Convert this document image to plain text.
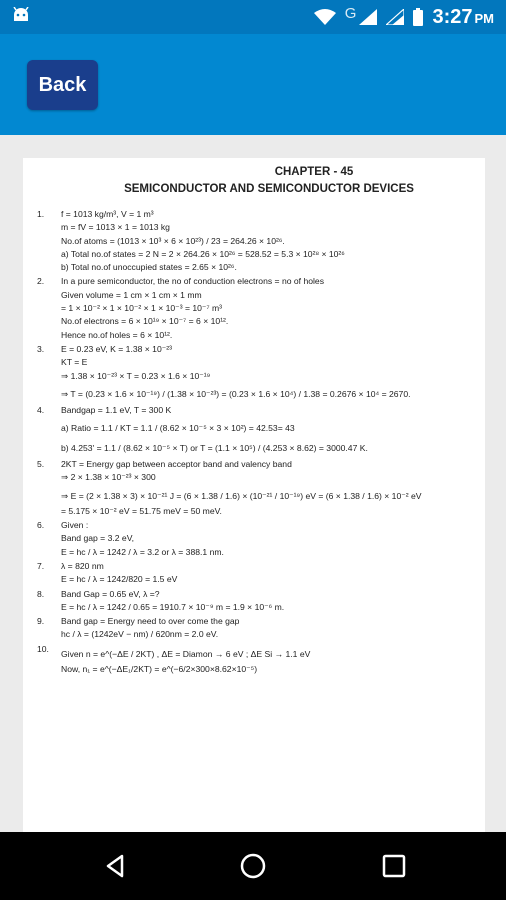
G	3:27 PM
Back
CHAPTER - 45
SEMICONDUCTOR AND SEMICONDUCTOR DEVICES
1.	f = 1013 kg/m³, V = 1 m³
m = fV = 1013 × 1 = 1013 kg
No.of atoms = (1013 × 10³ × 6 × 10²³) / 23 = 264.26 × 10²⁶.
a) Total no.of states = 2 N = 2 × 264.26 × 10²⁶ = 528.52 = 5.3 × 10²⁸ × 10²⁶
b) Total no.of unoccupied states = 2.65 × 10²⁶.
2.	In a pure semiconductor, the no of conduction electrons = no of holes
Given volume = 1 cm × 1 cm × 1 mm
= 1 × 10⁻² × 1 × 10⁻² × 1 × 10⁻³ = 10⁻⁷ m³
No.of electrons = 6 × 10¹⁹ × 10⁻⁷ = 6 × 10¹².
Hence no.of holes = 6 × 10¹².
3.	E = 0.23 eV, K = 1.38 × 10⁻²³
KT = E
⇒ 1.38 × 10⁻²³ × T = 0.23 × 1.6 × 10⁻¹⁹
⇒ T = (0.23 × 1.6 × 10⁻¹⁹) / (1.38 × 10⁻²³) = (0.23 × 1.6 × 10⁴) / 1.38 = 0.2676 × 10⁴ = 2670.
4.	Bandgap = 1.1 eV, T = 300 K
a) Ratio = 1.1 / KT = 1.1 / (8.62 × 10⁻⁵ × 3 × 10²) = 42.53= 43
b) 4.253' = 1.1 / (8.62 × 10⁻⁵ × T) or T = (1.1 × 10⁵) / (4.253 × 8.62) = 3000.47 K.
5.	2KT = Energy gap between acceptor band and valency band
⇒ 2 × 1.38 × 10⁻²³ × 300
⇒ E = (2 × 1.38 × 3) × 10⁻²¹ J = (6 × 1.38 / 1.6) × (10⁻²¹ / 10⁻¹⁹) eV = (6 × 1.38 / 1.6) × 10⁻² eV
= 5.175 × 10⁻² eV = 51.75 meV = 50 meV.
6.	Given :
Band gap = 3.2 eV,
E = hc / λ = 1242 / λ = 3.2 or λ = 388.1 nm.
7.	λ = 820 nm
E = hc / λ = 1242/820 = 1.5 eV
8.	Band Gap = 0.65 eV, λ =?
E = hc / λ = 1242 / 0.65 = 1910.7 × 10⁻⁹ m = 1.9 × 10⁻⁶ m.
9.	Band gap = Energy need to over come the gap
hc / λ = (1242eV − nm) / 620nm = 2.0 eV.
10.	Given n = e^(−ΔE / 2KT) , ΔE = Diamon → 6 eV ; ΔE Si → 1.1 eV
Now, n₁ = e^(−ΔE₁/2KT) = e^(−6/2×300×8.62×10⁻⁵)
